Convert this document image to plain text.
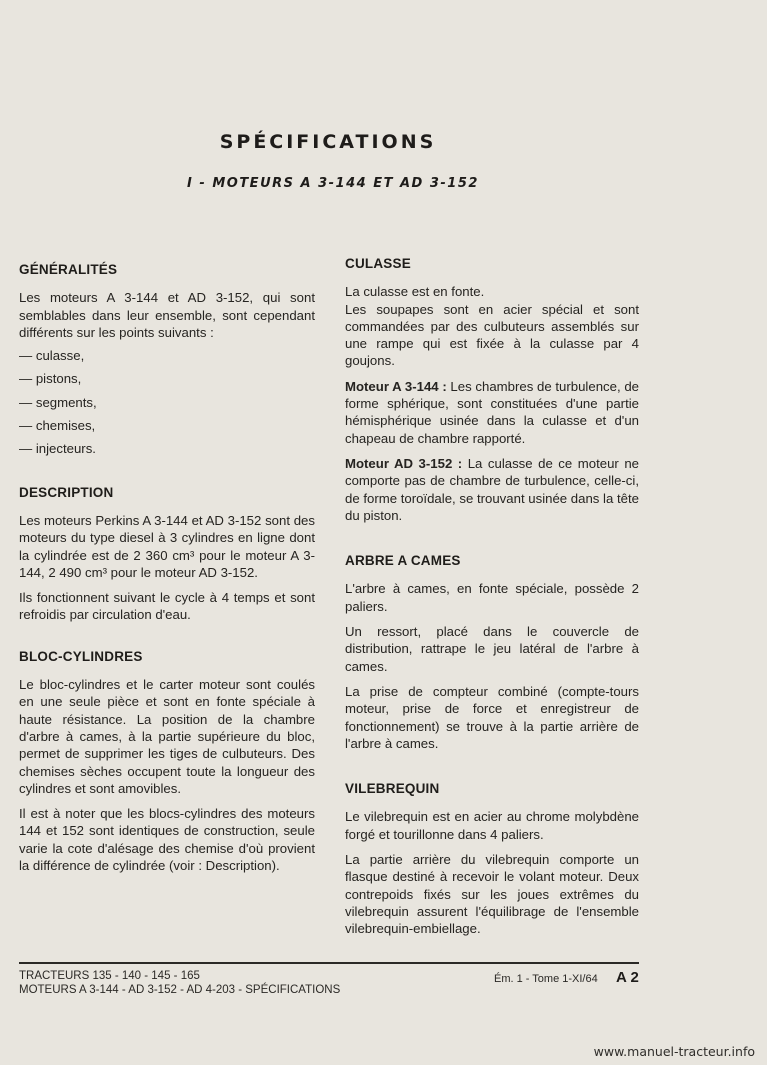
SPÉCIFICATIONS
I - MOTEURS A 3-144 ET AD 3-152
GÉNÉRALITÉS
Les moteurs A 3-144 et AD 3-152, qui sont semblables dans leur ensemble, sont cependant différents sur les points suivants :
— culasse,
— pistons,
— segments,
— chemises,
— injecteurs.
DESCRIPTION
Les moteurs Perkins A 3-144 et AD 3-152 sont des moteurs du type diesel à 3 cylindres en ligne dont la cylindrée est de 2 360 cm³ pour le moteur A 3-144, 2 490 cm³ pour le moteur AD 3-152.
Ils fonctionnent suivant le cycle à 4 temps et sont refroidis par circulation d'eau.
BLOC-CYLINDRES
Le bloc-cylindres et le carter moteur sont coulés en une seule pièce et sont en fonte spéciale à haute résistance. La position de la chambre d'arbre à cames, à la partie supérieure du bloc, permet de supprimer les tiges de culbuteurs. Des chemises sèches occupent toute la longueur des cylindres et sont amovibles.
Il est à noter que les blocs-cylindres des moteurs 144 et 152 sont identiques de construction, seule varie la cote d'alésage des chemise d'où provient la différence de cylindrée (voir : Description).
CULASSE
La culasse est en fonte.
Les soupapes sont en acier spécial et sont commandées par des culbuteurs assemblés sur une rampe qui est fixée à la culasse par 4 goujons.
Moteur A 3-144 : Les chambres de turbulence, de forme sphérique, sont constituées d'une partie hémisphérique usinée dans la culasse et d'un chapeau de chambre rapporté.
Moteur AD 3-152 : La culasse de ce moteur ne comporte pas de chambre de turbulence, celle-ci, de forme toroïdale, se trouvant usinée dans la tête du piston.
ARBRE A CAMES
L'arbre à cames, en fonte spéciale, possède 2 paliers.
Un ressort, placé dans le couvercle de distribution, rattrape le jeu latéral de l'arbre à cames.
La prise de compteur combiné (compte-tours moteur, prise de force et enregistreur de fonctionnement) se trouve à la partie arrière de l'arbre à cames.
VILEBREQUIN
Le vilebrequin est en acier au chrome molybdène forgé et tourillonne dans 4 paliers.
La partie arrière du vilebrequin comporte un flasque destiné à recevoir le volant moteur. Deux contrepoids fixés sur les joues extrêmes du vilebrequin assurent l'équilibrage de l'ensemble vilebrequin-embiellage.
TRACTEURS 135 - 140 - 145 - 165
MOTEURS A 3-144 - AD 3-152 - AD 4-203 - SPÉCIFICATIONS
Ém. 1 - Tome 1-XI/64 A 2
www.manuel-tracteur.info
